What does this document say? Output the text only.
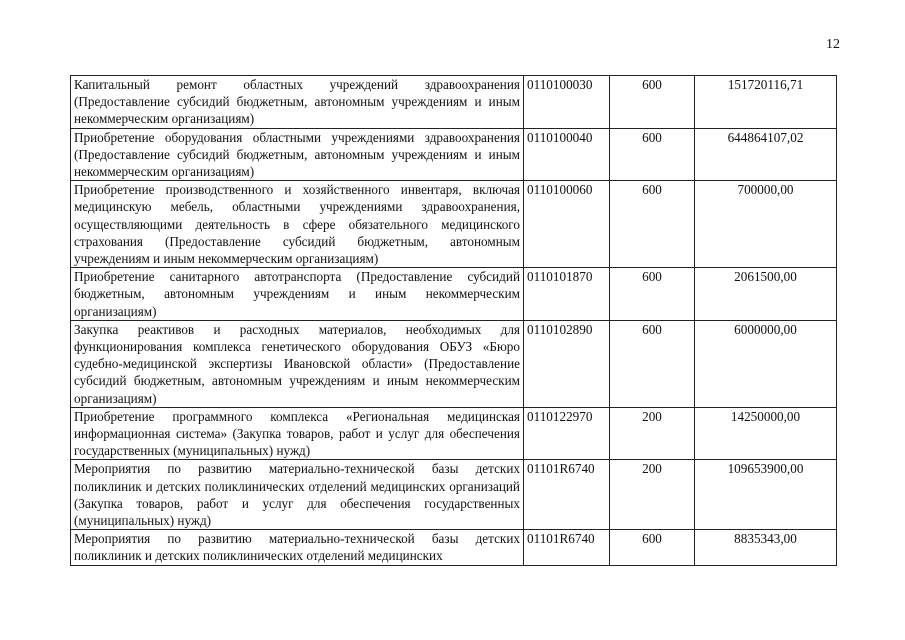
12
Капитальный ремонт областных учреждений здравоохранения (Предоставление субсидий бюджетным, автономным учреждениям и иным некоммерческим организациям)	0110100030	600	151720116,71
Приобретение оборудования областными учреждениями здравоохранения (Предоставление субсидий бюджетным, автономным учреждениям и иным некоммерческим организациям)	0110100040	600	644864107,02
Приобретение производственного и хозяйственного инвентаря, включая медицинскую мебель, областными учреждениями здравоохранения, осуществляющими деятельность в сфере обязательного медицинского страхования (Предоставление субсидий бюджетным, автономным учреждениям и иным некоммерческим организациям)	0110100060	600	700000,00
Приобретение санитарного автотранспорта (Предоставление субсидий бюджетным, автономным учреждениям и иным некоммерческим организациям)	0110101870	600	2061500,00
Закупка реактивов и расходных материалов, необходимых для функционирования комплекса генетического оборудования ОБУЗ «Бюро судебно-медицинской экспертизы Ивановской области» (Предоставление субсидий бюджетным, автономным учреждениям и иным некоммерческим организациям)	0110102890	600	6000000,00
Приобретение программного комплекса «Региональная медицинская информационная система» (Закупка товаров, работ и услуг для обеспечения государственных (муниципальных) нужд)	0110122970	200	14250000,00
Мероприятия по развитию материально-технической базы детских поликлиник и детских поликлинических отделений медицинских организаций (Закупка товаров, работ и услуг для обеспечения государственных (муниципальных) нужд)	01101R6740	200	109653900,00
Мероприятия по развитию материально-технической базы детских поликлиник и детских поликлинических отделений медицинских	01101R6740	600	8835343,00
